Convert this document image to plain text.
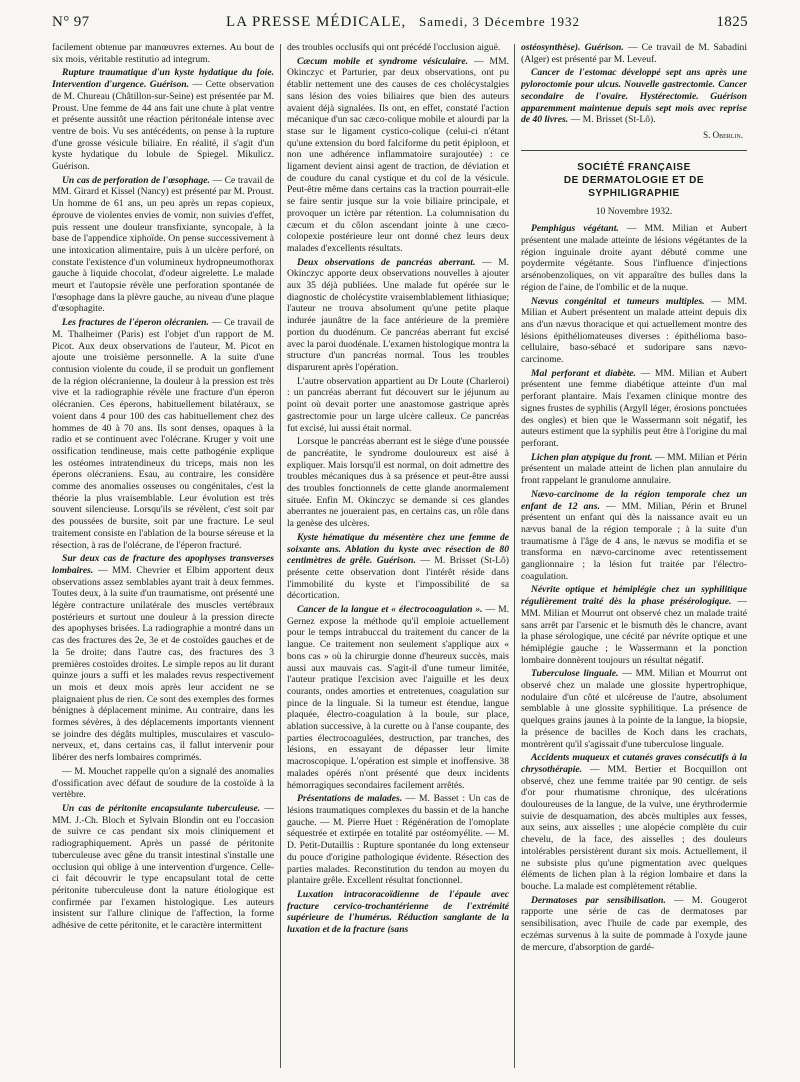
N° 97	LA PRESSE MÉDICALE, Samedi, 3 Décembre 1932	1825

facilement obtenue par manœuvres externes. Au bout de six mois, véritable restitutio ad integrum.

Rupture traumatique d'un kyste hydatique du foie. Intervention d'urgence. Guérison. — Cette observation de M. Chureau (Châtillon-sur-Seine) est présentée par M. Proust. Une femme de 44 ans fait une chute à plat ventre et présente aussitôt une réaction péritonéale intense avec ventre de bois. Vu ses antécédents, on pense à la rupture d'une grosse vésicule biliaire. En réalité, il s'agit d'un kyste hydatique du lobule de Spiegel. Mikulicz. Guérison.

Un cas de perforation de l'œsophage. — Ce travail de MM. Girard et Kissel (Nancy) est présenté par M. Proust. Un homme de 61 ans, un peu après un repas copieux, éprouve de violentes envies de vomir, non suivies d'effet, puis ressent une douleur transfixiante, syncopale, à la base de l'appendice xiphoïde. On pense successivement à une intoxication alimentaire, puis à un ulcère perforé, on constate l'existence d'un volumineux hydropneumothorax gauche à liquide chocolat, d'odeur aigrelette. Le malade meurt et l'autopsie révèle une perforation spontanée de l'œsophage dans la plèvre gauche, au niveau d'une plaque d'œsophagite.

Les fractures de l'éperon olécranien. — Ce travail de M. Thalheimer (Paris) est l'objet d'un rapport de M. Picot. Aux deux observations de l'auteur, M. Picot en ajoute une troisième personnelle. A la suite d'une contusion violente du coude, il se produit un gonflement de la région olécranienne, la douleur à la pression est très vive et la radiographie révèle une fracture d'un éperon olécranien. Ces éperons, habituellement bilatéraux, se voient dans 4 pour 100 des cas habituellement chez des hommes de 40 à 70 ans. Ils sont denses, opaques à la radio et se continuent avec l'olécrane. Kruger y voit une ossification tendineuse, mais cette pathogénie explique les ostéomes intratendineux du triceps, mais non les éperons olécraniens. Esau, au contraire, les considère comme des anomalies osseuses ou congénitales, c'est la théorie la plus vraisemblable. Leur évolution est très souvent silencieuse. Lorsqu'ils se révèlent, c'est soit par des poussées de bursite, soit par une fracture. Le seul traitement consiste en l'ablation de la bourse séreuse et la résection, à ras de l'olécrane, de l'éperon fracturé.

Sur deux cas de fracture des apophyses transverses lombaires. — MM. Chevrier et Elbim apportent deux observations assez semblables ayant trait à deux femmes. Toutes deux, à la suite d'un traumatisme, ont présenté une légère contracture unilatérale des muscles vertébraux postérieurs et surtout une douleur à la pression directe des apophyses brisées. La radiographie a montré dans un cas des fractures des 2e, 3e et 4e costoïdes gauches et de la 5e droite; dans l'autre cas, des fractures des 3 premières costoïdes droites. Le simple repos au lit durant quinze jours a suffi et les malades revus respectivement un mois et deux mois après leur accident ne se plaignaient plus de rien. Ce sont des exemples des formes bénignes à déplacement minime. Au contraire, dans les formes sévères, à des déplacements importants viennent se joindre des dégâts multiples, musculaires et vasculo-nerveux, et, dans certains cas, il fallut intervenir pour libérer des nerfs lombaires comprimés.

— M. Mouchet rappelle qu'on a signalé des anomalies d'ossification avec défaut de soudure de la costoïde à la vertèbre.

Un cas de péritonite encapsulante tuberculeuse. — MM. J.-Ch. Bloch et Sylvain Blondin ont eu l'occasion de suivre ce cas pendant six mois cliniquement et radiographiquement. Après un passé de péritonite tuberculeuse avec gêne du transit intestinal s'installe une occlusion qui oblige à une intervention d'urgence. Celle-ci fait découvrir le type encapsulant total de cette péritonite tuberculeuse dont la nature étiologique est confirmée par l'examen histologique. Les auteurs insistent sur l'allure clinique de l'affection, la forme adhésive de cette péritonite, et le caractère intermittent

des troubles occlusifs qui ont précédé l'occlusion aiguë.

Cæcum mobile et syndrome vésiculaire. — MM. Okinczyc et Parturier, par deux observations, ont pu établir nettement une des causes de ces cholécystalgies sans lésion des voies biliaires que bien des auteurs avaient déjà signalées. Ils ont, en effet, constaté l'action mécanique d'un sac cæco-colique mobile et alourdi par la stase sur le ligament cystico-colique (celui-ci n'étant qu'une extension du bord falciforme du petit épiploon, et non une adhérence inflammatoire surajoutée) : ce ligament devient ainsi agent de traction, de déviation et de coudure du canal cystique et du col de la vésicule. Peut-être même dans certains cas la traction pourrait-elle se faire sentir jusque sur la voie biliaire principale, et provoquer un ictère par rétention. La columnisation du cæcum et du côlon ascendant jointe à une cæco-colopexie postérieure leur ont donné chez leurs deux malades d'excellents résultats.

Deux observations de pancréas aberrant. — M. Okinczyc apporte deux observations nouvelles à ajouter aux 35 déjà publiées. Une malade fut opérée sur le diagnostic de cholécystite vraisemblablement lithiasique; l'auteur ne trouva absolument qu'une petite plaque indurée jaunâtre de la face antérieure de la première portion du duodénum. Ce pancréas aberrant fut excisé avec la paroi duodénale. L'examen histologique montra la structure d'un pancréas normal. Tous les troubles disparurent après l'opération.

L'autre observation appartient au Dr Loute (Charleroi) : un pancréas aberrant fut découvert sur le jéjunum au point où devait porter une anastomose gastrique après gastrectomie pour un large ulcère calleux. Ce pancréas fut excisé, lui aussi était normal.

Lorsque le pancréas aberrant est le siège d'une poussée de pancréatite, le syndrome douloureux est aisé à expliquer. Mais lorsqu'il est normal, on doit admettre des troubles mécaniques dus à sa présence et peut-être aussi des troubles fonctionnels de cette glande anormalement située. Enfin M. Okinczyc se demande si ces glandes aberrantes ne joueraient pas, en certains cas, un rôle dans la genèse des ulcères.

Kyste hématique du mésentère chez une femme de soixante ans. Ablation du kyste avec résection de 80 centimètres de grêle. Guérison. — M. Brisset (St-Lô) présente cette observation dont l'intérêt réside dans l'immobilité du kyste et l'impossibilité de sa décortication.

Cancer de la langue et « électrocoagulation ». — M. Gernez expose la méthode qu'il emploie actuellement pour le temps intrabuccal du traitement du cancer de la langue. Ce traitement non seulement s'applique aux « bons cas » où la chirurgie donne d'heureux succès, mais aussi aux mauvais cas. S'agit-il d'une tumeur limitée, l'auteur pratique l'excision avec l'aiguille et les deux courants, ondes amorties et entretenues, coagulation sur pince de la linguale. Si la tumeur est étendue, langue plaquée, électro-coagulation à la boule, sur place, ablation successive, à la curette ou à l'anse coupante, des parties électrocoagulées, destruction, par tranches, des lésions, en essayant de dépasser leur limite macroscopique. L'opération est simple et inoffensive. 38 malades opérés n'ont présenté que deux incidents hémorragiques secondaires facilement arrêtés.

Présentations de malades. — M. Basset : Un cas de lésions traumatiques complexes du bassin et de la hanche gauche. — M. Pierre Huet : Régénération de l'omoplate séquestrée et extirpée en totalité par ostéomyélite. — M. D. Petit-Dutaillis : Rupture spontanée du long extenseur du pouce d'origine pathologique évidente. Résection des parties malades. Reconstitution du tendon au moyen du plantaire grêle. Excellent résultat fonctionnel.

Luxation intracoracoïdienne de l'épaule avec fracture cervico-trochantérienne de l'extrémité supérieure de l'humérus. Réduction sanglante de la luxation et de la fracture (sans

ostéosynthèse). Guérison. — Ce travail de M. Sabadini (Alger) est présenté par M. Leveuf.

Cancer de l'estomac développé sept ans après une pyloroctomie pour ulcus. Nouvelle gastrectomie. Cancer secondaire de l'ovaire. Hystérectomie. Guérison apparemment maintenue depuis sept mois avec reprise de 40 livres. — M. Brisset (St-Lô).

S. Oberlin.
SOCIÉTÉ FRANÇAISE
DE DERMATOLOGIE ET DE SYPHILIGRAPHIE
10 Novembre 1932.

Pemphigus végétant. — MM. Milian et Aubert présentent une malade atteinte de lésions végétantes de la région inguinale droite ayant débuté comme une poydermite végétante. Sous l'influence d'injections arsénobenzoliques, on vit apparaître des bulles dans la région de l'aine, de l'ombilic et de la nuque.

Nævus congénital et tumeurs multiples. — MM. Milian et Aubert présentent un malade atteint depuis dix ans d'un nævus thoracique et qui actuellement montre des lésions épithéliomateuses diverses : épithélioma baso-cellulaire, baso-sébacé et sudoripare sans nævo-carcinome.

Mal perforant et diabète. — MM. Milian et Aubert présentent une femme diabétique atteinte d'un mal perforant plantaire. Mais l'examen clinique montre des signes frustes de syphilis (Argyll léger, érosions ponctuées des ongles) et bien que le Wassermann soit négatif, les auteurs estiment que la syphilis peut être à l'origine du mal perforant.

Lichen plan atypique du front. — MM. Milian et Périn présentent un malade atteint de lichen plan annulaire du front rappelant le granulome annulaire.

Nævo-carcinome de la région temporale chez un enfant de 12 ans. — MM. Milian, Périn et Brunel présentent un enfant qui dès la naissance avait eu un nævus banal de la région temporale ; à la suite d'un traumatisme à l'âge de 4 ans, le nævus se modifia et se transforma en nævo-carcinome avec retentissement ganglionnaire ; la lésion fut traitée par l'électro-coagulation.

Névrite optique et hémiplégie chez un syphilitique régulièrement traité dès la phase présérologique. — MM. Milian et Mourrut ont observé chez un malade traité sans arrêt par l'arsenic et le bismuth dès le chancre, avant la phase sérologique, une cécité par névrite optique et une hémiplégie gauche ; le Wassermann et la ponction lombaire donnèrent toujours un résultat négatif.

Tuberculose linguale. — MM. Milian et Mourrut ont observé chez un malade une glossite hypertrophique, nodulaire d'un côté et ulcéreuse de l'autre, absolument semblable à une glossite syphilitique. La présence de quelques grains jaunes à la pointe de la langue, la biopsie, la présence de bacilles de Koch dans les crachats, montrèrent qu'il s'agissait d'une tuberculose linguale.

Accidents muqueux et cutanés graves consécutifs à la chrysothérapie. — MM. Bertier et Bocquillon ont observé, chez une femme traitée par 90 centigr. de sels d'or pour rhumatisme chronique, des ulcérations douloureuses de la langue, de la vulve, une érythrodermie suivie de desquamation, des abcès multiples aux fesses, aux seins, aux aisselles ; une alopécie complète du cuir chevelu, de la face, des aisselles ; des douleurs intolérables persistèrent durant six mois. Actuellement, il ne subsiste plus qu'une pigmentation avec quelques éléments de lichen plan à la région lombaire et dans la bouche. La malade est complètement rétablie.

Dermatoses par sensibilisation. — M. Gougerot rapporte une série de cas de dermatoses par sensibilisation, avec l'huile de cade par exemple, des eczémas survenus à la suite de pommade à l'oxyde jaune de mercure, d'absorption de gardé-
